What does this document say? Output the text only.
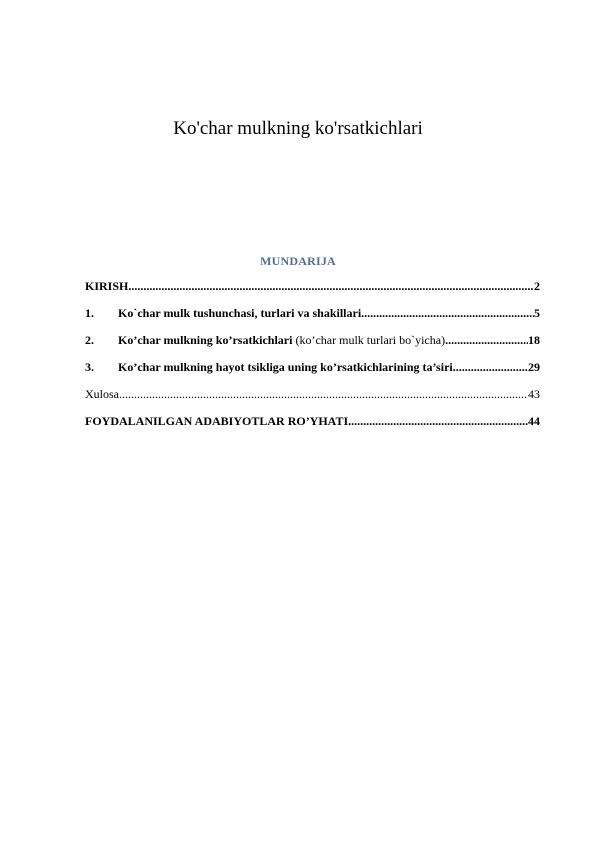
Ko'char mulkning ko'rsatkichlari
MUNDARIJA
KIRISH .....	2
1.	Ko`char mulk tushunchasi, turlari va shakillari .....	5
2.	Ko’char mulkning ko’rsatkichlari (ko’char mulk turlari bo`yicha) .....	18
3.	Ko’char mulkning hayot tsikliga uning ko’rsatkichlarining ta’siri .....	29
Xulosa .....	43
FOYDALANILGAN ADABIYOTLAR RO’YHATI .....	44
